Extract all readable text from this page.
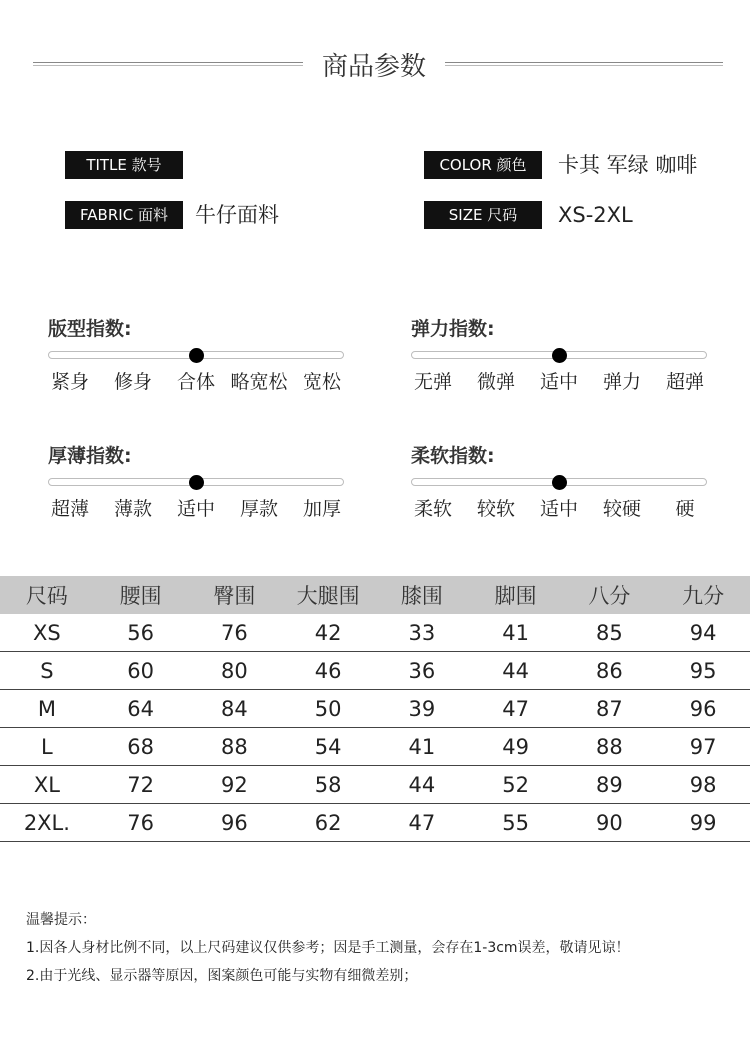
商品参数
TITLE 款号
FABRIC 面料	牛仔面料
COLOR 颜色	卡其 军绿 咖啡
SIZE 尺码	XS-2XL
版型指数:
紧身 修身 合体 略宽松 宽松
弹力指数:
无弹 微弹 适中 弹力 超弹
厚薄指数:
超薄 薄款 适中 厚款 加厚
柔软指数:
柔软 较软 适中 较硬 硬
尺码	腰围	臀围	大腿围	膝围	脚围	八分	九分
XS	56	76	42	33	41	85	94
S	60	80	46	36	44	86	95
M	64	84	50	39	47	87	96
L	68	88	54	41	49	88	97
XL	72	92	58	44	52	89	98
2XL.	76	96	62	47	55	90	99
温馨提示：
1.因各人身材比例不同，以上尺码建议仅供参考；因是手工测量，会存在1-3cm误差，敬请见谅！
2.由于光线、显示器等原因，图案颜色可能与实物有细微差别；
